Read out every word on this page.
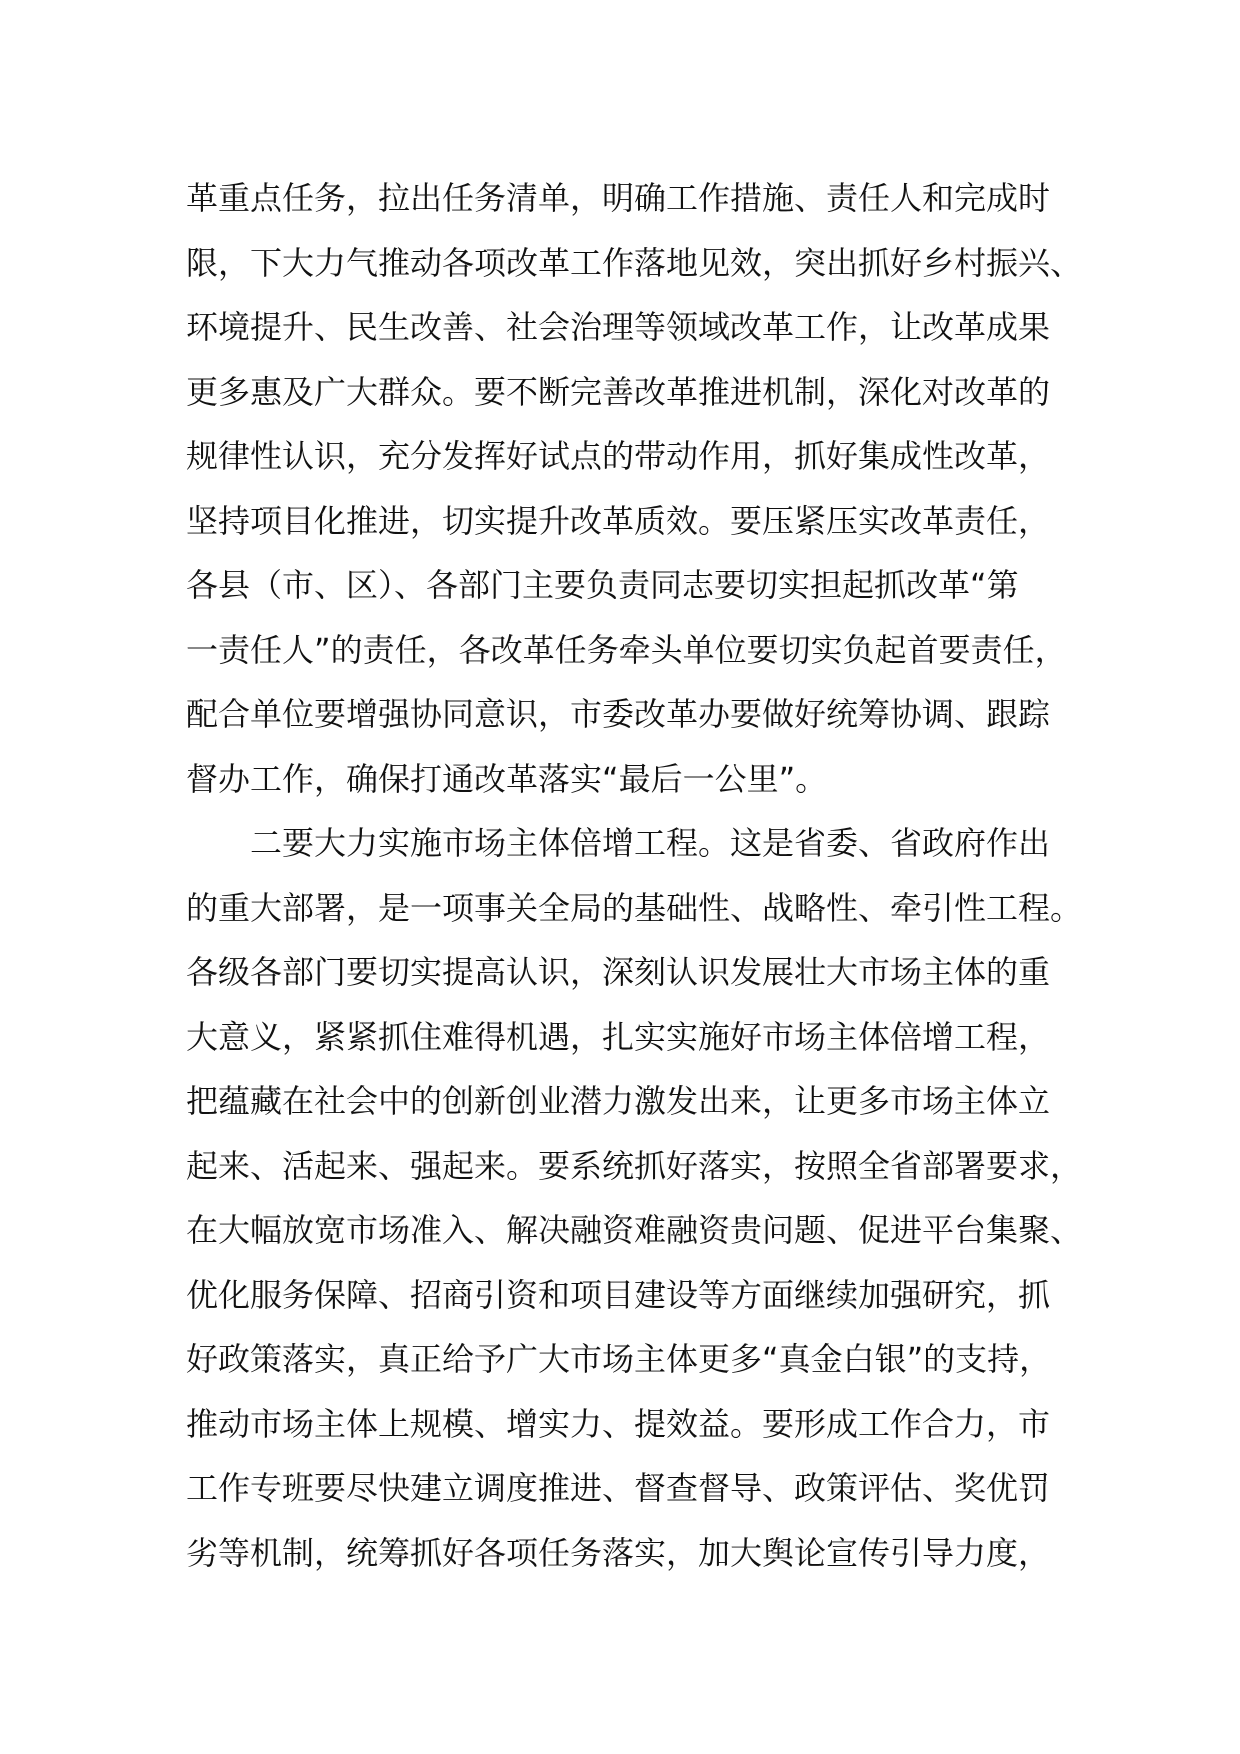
革重点任务，拉出任务清单，明确工作措施、责任人和完成时
限，下大力气推动各项改革工作落地见效，突出抓好乡村振兴、
环境提升、民生改善、社会治理等领域改革工作，让改革成果
更多惠及广大群众。要不断完善改革推进机制，深化对改革的
规律性认识，充分发挥好试点的带动作用，抓好集成性改革，
坚持项目化推进，切实提升改革质效。要压紧压实改革责任，
各县（市、区）、各部门主要负责同志要切实担起抓改革“第
一责任人”的责任，各改革任务牵头单位要切实负起首要责任，
配合单位要增强协同意识，市委改革办要做好统筹协调、跟踪
督办工作，确保打通改革落实“最后一公里”。
二要大力实施市场主体倍增工程。这是省委、省政府作出
的重大部署，是一项事关全局的基础性、战略性、牵引性工程。
各级各部门要切实提高认识，深刻认识发展壮大市场主体的重
大意义，紧紧抓住难得机遇，扎实实施好市场主体倍增工程，
把蕴藏在社会中的创新创业潜力激发出来，让更多市场主体立
起来、活起来、强起来。要系统抓好落实，按照全省部署要求，
在大幅放宽市场准入、解决融资难融资贵问题、促进平台集聚、
优化服务保障、招商引资和项目建设等方面继续加强研究，抓
好政策落实，真正给予广大市场主体更多“真金白银”的支持，
推动市场主体上规模、增实力、提效益。要形成工作合力，市
工作专班要尽快建立调度推进、督查督导、政策评估、奖优罚
劣等机制，统筹抓好各项任务落实，加大舆论宣传引导力度，
